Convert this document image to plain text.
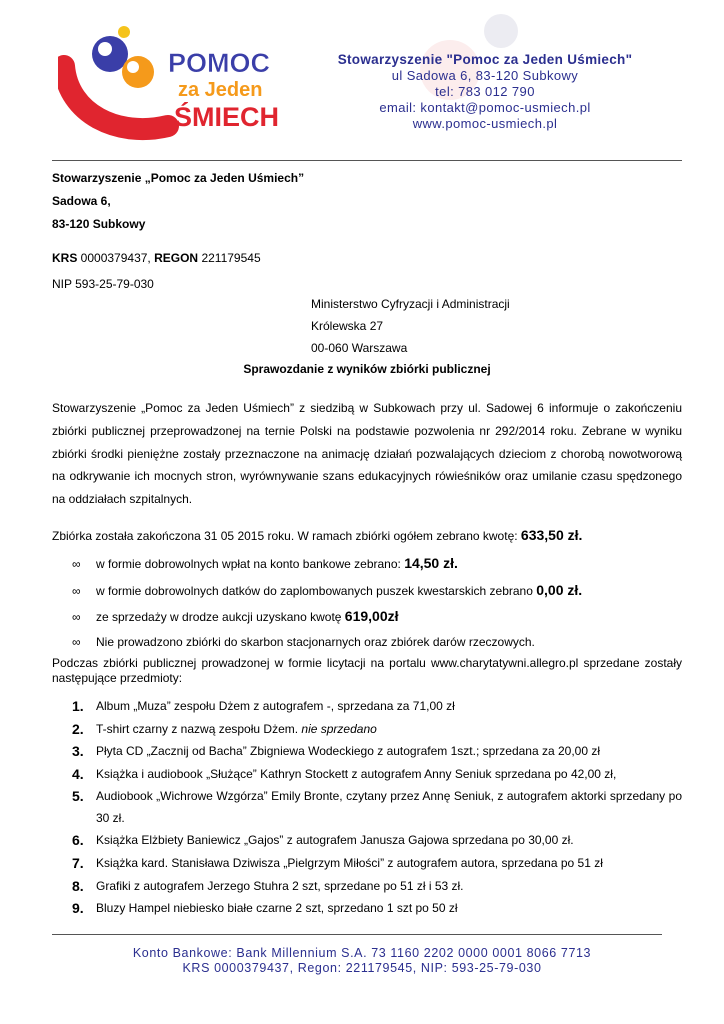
POMOC
za Jeden
ŚMIECH
Stowarzyszenie "Pomoc za Jeden Uśmiech"
ul Sadowa 6, 83-120 Subkowy
tel: 783 012 790
email: kontakt@pomoc-usmiech.pl
www.pomoc-usmiech.pl
Stowarzyszenie „Pomoc za Jeden Uśmiech”
Sadowa 6,
83-120 Subkowy
KRS 0000379437, REGON 221179545
NIP 593-25-79-030
Ministerstwo Cyfryzacji i Administracji
Królewska 27
00-060 Warszawa
Sprawozdanie z wyników zbiórki publicznej
Stowarzyszenie „Pomoc za Jeden Uśmiech” z siedzibą w Subkowach przy ul. Sadowej 6 informuje o zakończeniu zbiórki publicznej przeprowadzonej na ternie Polski na podstawie pozwolenia nr 292/2014 roku. Zebrane w wyniku zbiórki środki pieniężne zostały przeznaczone na animację działań pozwalających dzieciom z chorobą nowotworową na odkrywanie ich mocnych stron, wyrównywanie szans edukacyjnych rówieśników oraz umilanie czasu spędzonego na oddziałach szpitalnych.
Zbiórka została zakończona 31 05 2015 roku. W ramach zbiórki ogółem zebrano kwotę: 633,50 zł.
∞	w formie dobrowolnych wpłat na konto bankowe zebrano:
14,50 zł.
∞	w formie dobrowolnych datków do zaplombowanych puszek kwestarskich zebrano
0,00 zł.
∞	ze sprzedaży w drodze aukcji uzyskano kwotę
619,00zł
∞	Nie prowadzono zbiórki do skarbon stacjonarnych oraz zbiórek darów rzeczowych.
Podczas zbiórki publicznej prowadzonej w formie licytacji na portalu www.charytatywni.allegro.pl sprzedane zostały następujące przedmioty:
1.	Album „Muza” zespołu Dżem z autografem -, sprzedana za 71,00 zł
2.	T-shirt czarny z nazwą zespołu Dżem. nie sprzedano
3.	Płyta CD „Zacznij od Bacha” Zbigniewa Wodeckiego z autografem 1szt.; sprzedana za 20,00 zł
4.	Książka i audiobook „Służące” Kathryn Stockett z autografem Anny Seniuk sprzedana po 42,00 zł,
5.	Audiobook „Wichrowe Wzgórza” Emily Bronte, czytany przez Annę Seniuk, z autografem aktorki sprzedany po 30 zł.
6.	Książka Elżbiety Baniewicz „Gajos” z autografem Janusza Gajowa sprzedana po 30,00 zł.
7.	Książka kard. Stanisława Dziwisza „Pielgrzym Miłości” z autografem autora, sprzedana po 51 zł
8.	Grafiki z autografem Jerzego Stuhra 2 szt, sprzedane po 51 zł i 53 zł.
9.	Bluzy Hampel niebiesko białe czarne 2 szt, sprzedano 1 szt po 50 zł
Konto Bankowe: Bank Millennium S.A. 73 1160 2202 0000 0001 8066 7713
KRS 0000379437, Regon: 221179545, NIP: 593-25-79-030
